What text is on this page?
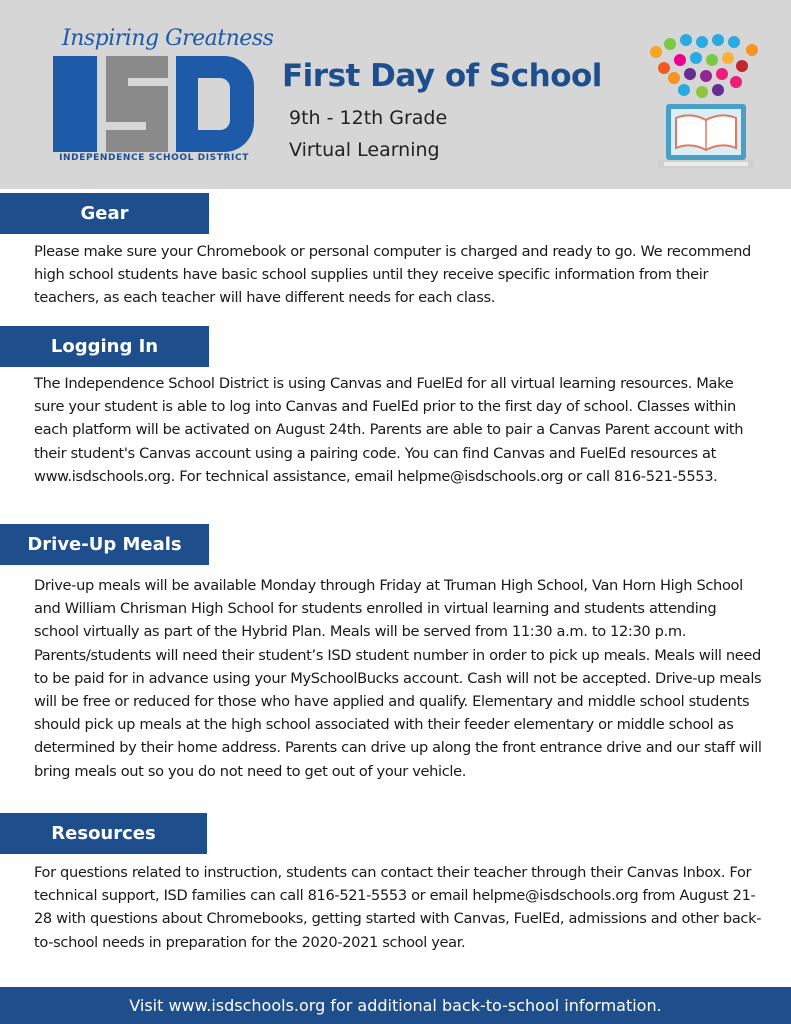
Inspiring Greatness
INDEPENDENCE SCHOOL DISTRICT
First Day of School
9th - 12th Grade
Virtual Learning
Gear

Please make sure your Chromebook or personal computer is charged and ready to go. We recommend high school students have basic school supplies until they receive specific information from their teachers, as each teacher will have different needs for each class.

Logging In

The Independence School District is using Canvas and FuelEd for all virtual learning resources. Make sure your student is able to log into Canvas and FuelEd prior to the first day of school. Classes within each platform will be activated on August 24th. Parents are able to pair a Canvas Parent account with their student's Canvas account using a pairing code. You can find Canvas and FuelEd resources at www.isdschools.org. For technical assistance, email helpme@isdschools.org or call 816-521-5553.

Drive-Up Meals

Drive-up meals will be available Monday through Friday at Truman High School, Van Horn High School and William Chrisman High School for students enrolled in virtual learning and students attending school virtually as part of the Hybrid Plan. Meals will be served from 11:30 a.m. to 12:30 p.m. Parents/students will need their student’s ISD student number in order to pick up meals. Meals will need to be paid for in advance using your MySchoolBucks account. Cash will not be accepted. Drive-up meals will be free or reduced for those who have applied and qualify. Elementary and middle school students should pick up meals at the high school associated with their feeder elementary or middle school as determined by their home address. Parents can drive up along the front entrance drive and our staff will bring meals out so you do not need to get out of your vehicle.

Resources

For questions related to instruction, students can contact their teacher through their Canvas Inbox. For technical support, ISD families can call 816-521-5553 or email helpme@isdschools.org from August 21-28 with questions about Chromebooks, getting started with Canvas, FuelEd, admissions and other back-to-school needs in preparation for the 2020-2021 school year.

Visit www.isdschools.org for additional back-to-school information.
